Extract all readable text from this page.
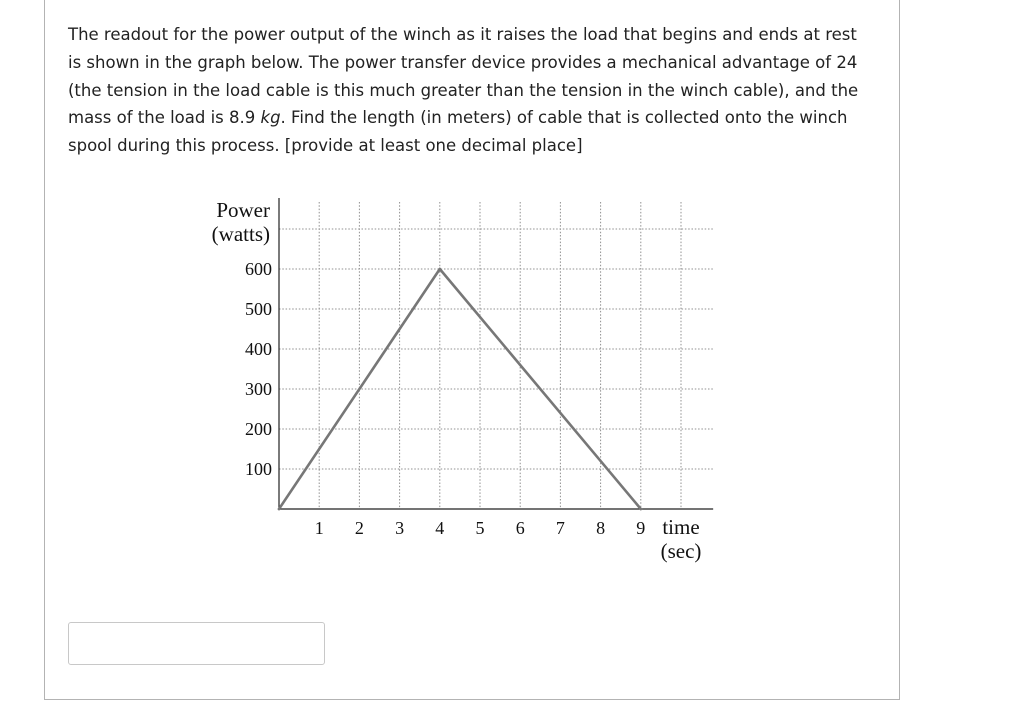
The readout for the power output of the winch as it raises the load that begins and ends at rest is shown in the graph below. The power transfer device provides a mechanical advantage of 24 (the tension in the load cable is this much greater than the tension in the winch cable), and the mass of the load is 8.9 kg. Find the length (in meters) of cable that is collected onto the winch spool during this process. [provide at least one decimal place]

1 2 3 4 5 6 7 8 9
100
200
300
400
500
600
Power
(watts)
time
(sec)
